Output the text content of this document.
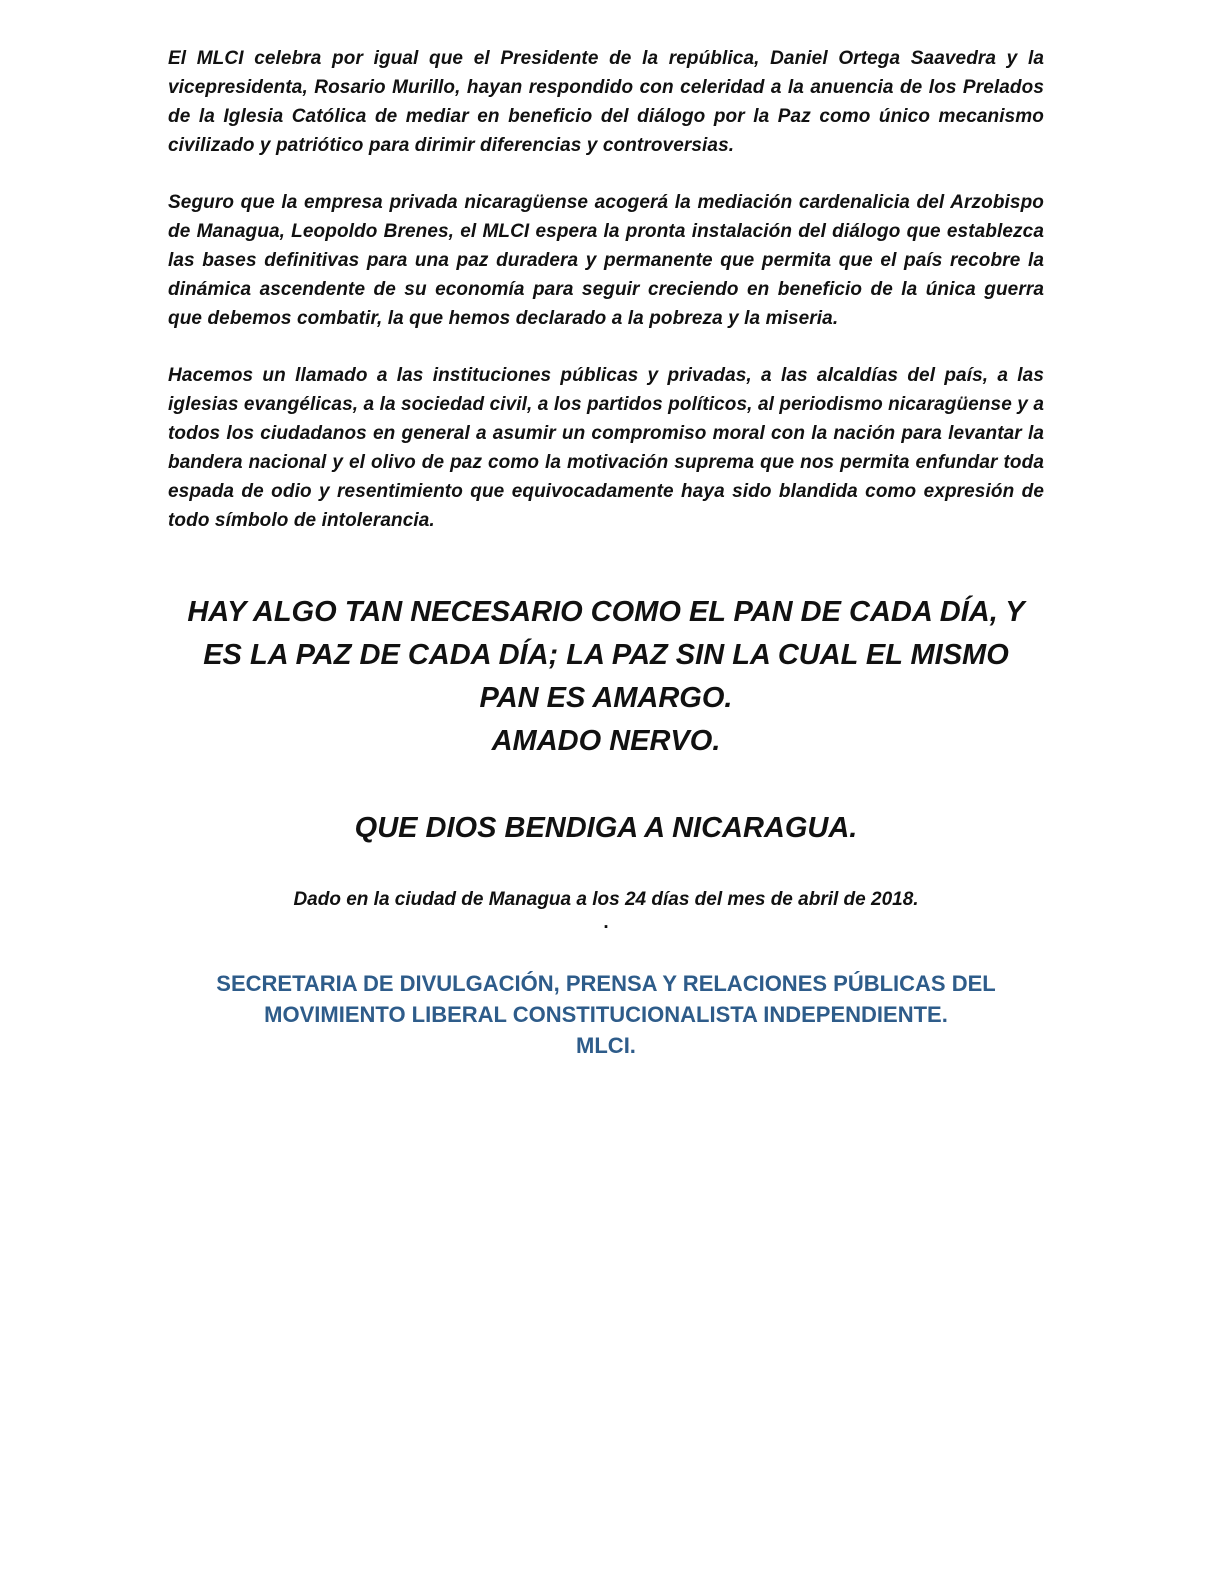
El MLCI celebra por igual que el Presidente de la república, Daniel Ortega Saavedra y la vicepresidenta, Rosario Murillo, hayan respondido con celeridad a la anuencia de los Prelados de la Iglesia Católica de mediar en beneficio del diálogo por la Paz como único mecanismo civilizado y patriótico para dirimir diferencias y controversias.

Seguro que la empresa privada nicaragüense acogerá la mediación cardenalicia del Arzobispo de Managua, Leopoldo Brenes, el MLCI espera la pronta instalación del diálogo que establezca las bases definitivas para una paz duradera y permanente que permita que el país recobre la dinámica ascendente de su economía para seguir creciendo en beneficio de la única guerra que debemos combatir, la que hemos declarado a la pobreza y la miseria.

Hacemos un llamado a las instituciones públicas y privadas, a las alcaldías del país, a las iglesias evangélicas, a la sociedad civil, a los partidos políticos, al periodismo nicaragüense y a todos los ciudadanos en general a asumir un compromiso moral con la nación para levantar la bandera nacional y el olivo de paz como la motivación suprema que nos permita enfundar toda espada de odio y resentimiento que equivocadamente haya sido blandida como expresión de todo símbolo de intolerancia.

HAY ALGO TAN NECESARIO COMO EL PAN DE CADA DÍA, Y
ES LA PAZ DE CADA DÍA; LA PAZ SIN LA CUAL EL MISMO
PAN ES AMARGO.
AMADO NERVO.
QUE DIOS BENDIGA A NICARAGUA.
Dado en la ciudad de Managua a los 24 días del mes de abril de 2018.
.
SECRETARIA DE DIVULGACIÓN, PRENSA Y RELACIONES PÚBLICAS DEL
MOVIMIENTO LIBERAL CONSTITUCIONALISTA INDEPENDIENTE.
MLCI.
